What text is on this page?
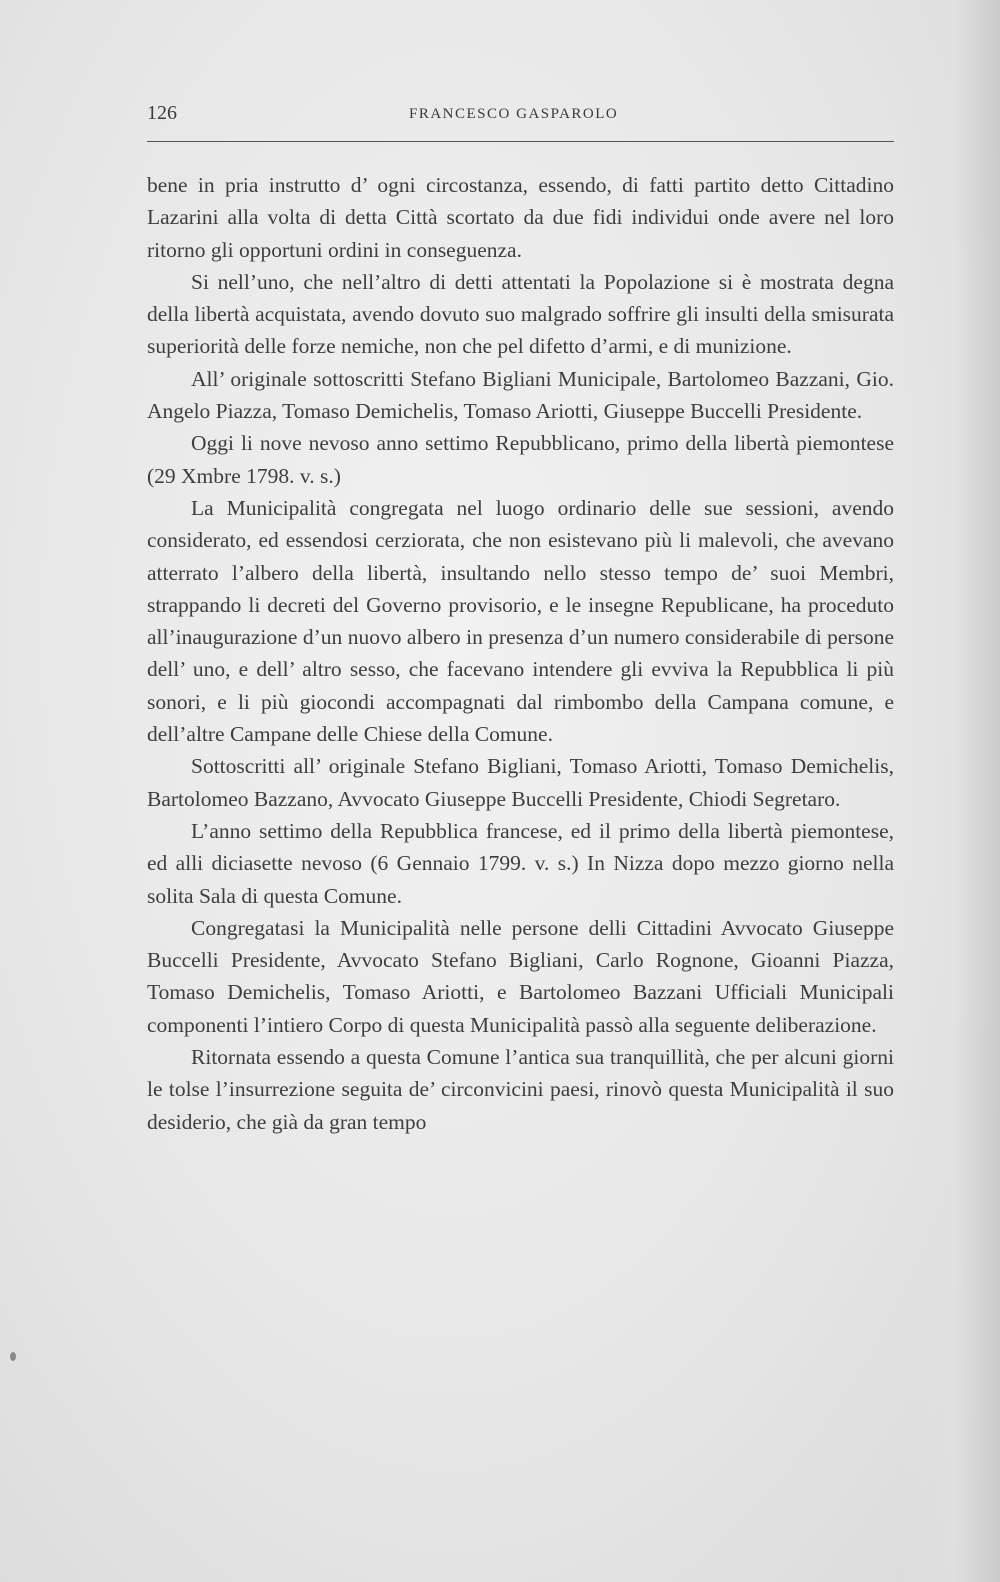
126	FRANCESCO GASPAROLO

bene in pria instrutto d’ ogni circostanza, essendo, di fatti partito detto Cittadino Lazarini alla volta di detta Città scortato da due fidi individui onde avere nel loro ritorno gli opportuni ordini in conseguenza.

Si nell’uno, che nell’altro di detti attentati la Popolazione si è mostrata degna della libertà acquistata, avendo dovuto suo malgrado soffrire gli insulti della smisurata superiorità delle forze nemiche, non che pel difetto d’armi, e di munizione.

All’ originale sottoscritti Stefano Bigliani Municipale, Bartolomeo Bazzani, Gio. Angelo Piazza, Tomaso Demichelis, Tomaso Ariotti, Giuseppe Buccelli Presidente.

Oggi li nove nevoso anno settimo Repubblicano, primo della libertà piemontese (29 Xmbre 1798. v. s.)

La Municipalità congregata nel luogo ordinario delle sue sessioni, avendo considerato, ed essendosi cerziorata, che non esistevano più li malevoli, che avevano atterrato l’albero della libertà, insultando nello stesso tempo de’ suoi Membri, strappando li decreti del Governo provisorio, e le insegne Republicane, ha proceduto all’inaugurazione d’un nuovo albero in presenza d’un numero considerabile di persone dell’ uno, e dell’ altro sesso, che facevano intendere gli evviva la Repubblica li più sonori, e li più giocondi accompagnati dal rimbombo della Campana comune, e dell’altre Campane delle Chiese della Comune.

Sottoscritti all’ originale Stefano Bigliani, Tomaso Ariotti, Tomaso Demichelis, Bartolomeo Bazzano, Avvocato Giuseppe Buccelli Presidente, Chiodi Segretaro.

L’anno settimo della Repubblica francese, ed il primo della libertà piemontese, ed alli diciasette nevoso (6 Gennaio 1799. v. s.) In Nizza dopo mezzo giorno nella solita Sala di questa Comune.

Congregatasi la Municipalità nelle persone delli Cittadini Avvocato Giuseppe Buccelli Presidente, Avvocato Stefano Bigliani, Carlo Rognone, Gioanni Piazza, Tomaso Demichelis, Tomaso Ariotti, e Bartolomeo Bazzani Ufficiali Municipali componenti l’intiero Corpo di questa Municipalità passò alla seguente deliberazione.

Ritornata essendo a questa Comune l’antica sua tranquillità, che per alcuni giorni le tolse l’insurrezione seguita de’ circonvicini paesi, rinovò questa Municipalità il suo desiderio, che già da gran tempo
